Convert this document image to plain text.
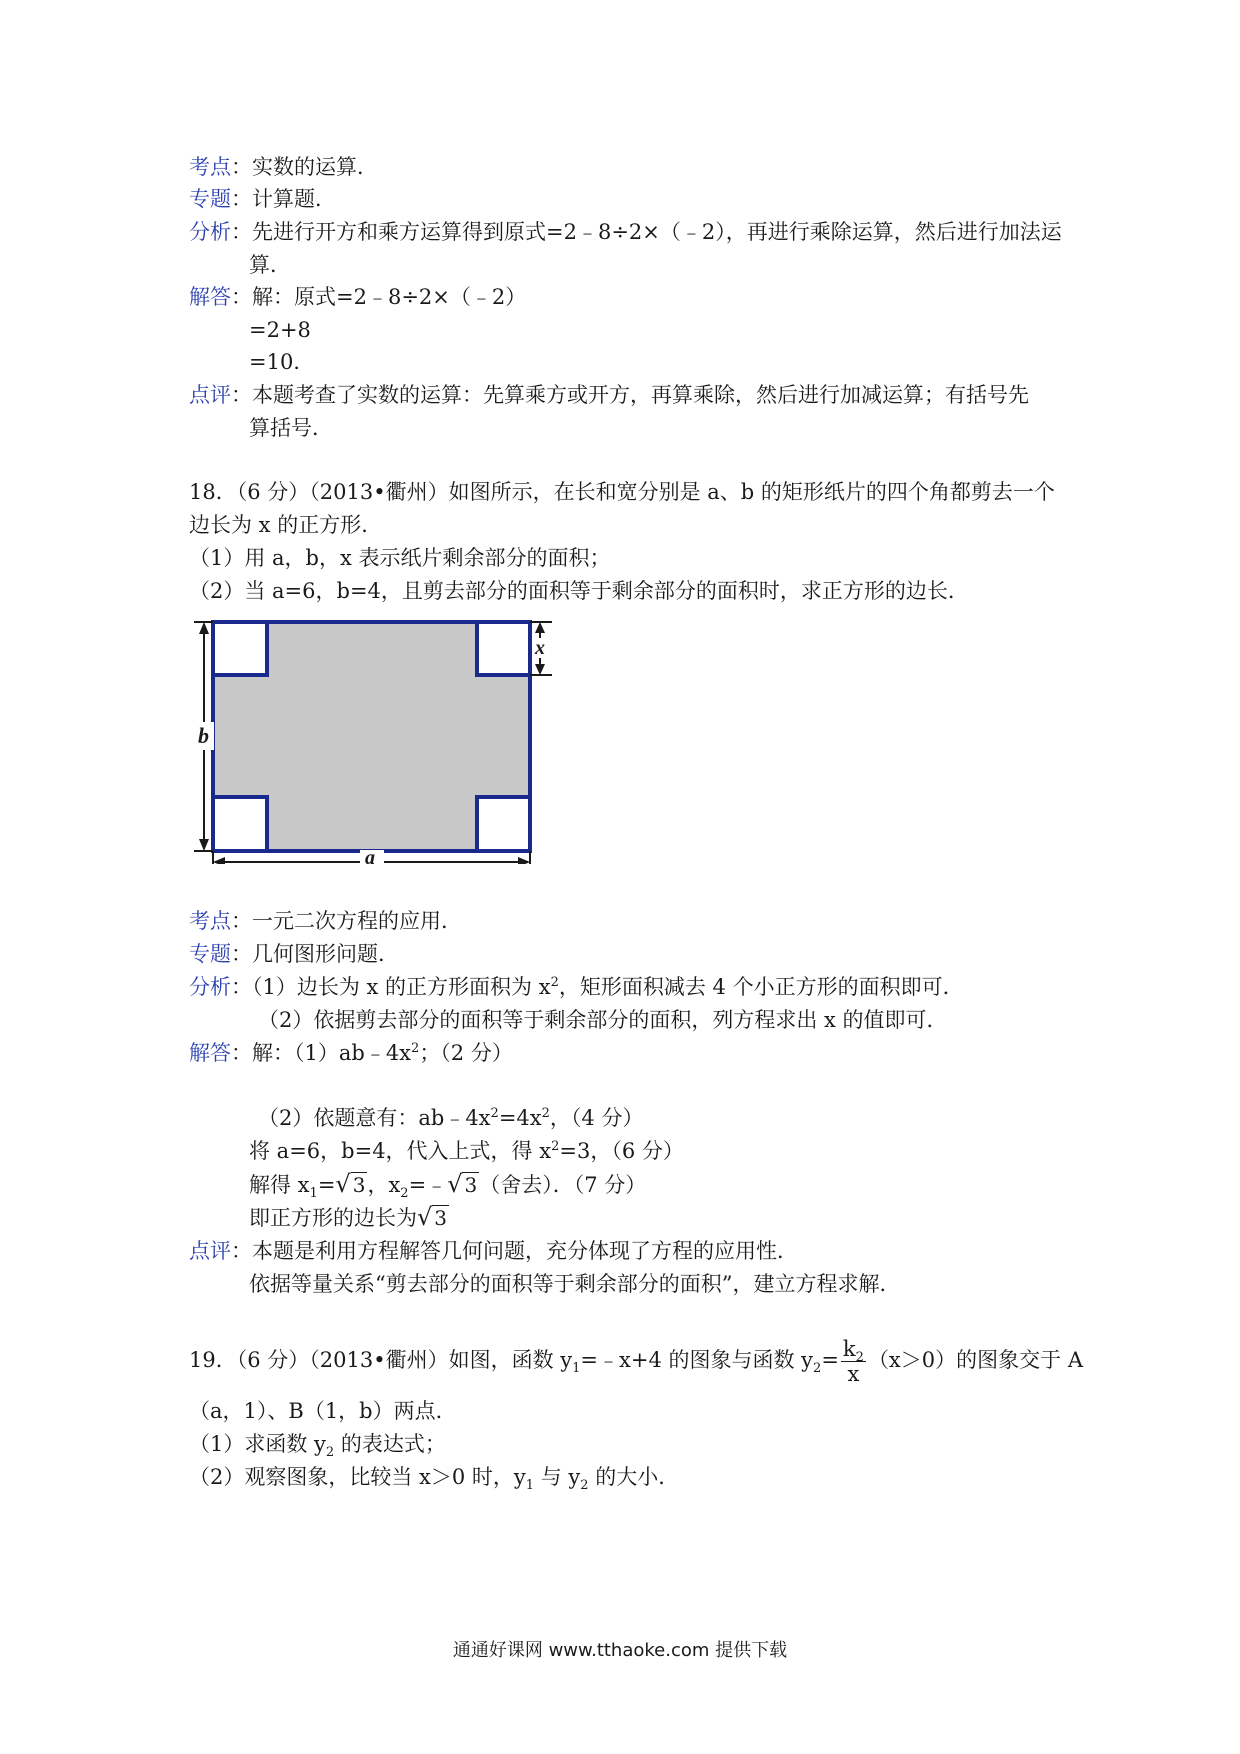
考点：实数的运算．
专题：计算题．
分析：先进行开方和乘方运算得到原式=2﹣8÷2×（﹣2），再进行乘除运算，然后进行加法运
算．
解答：解：原式=2﹣8÷2×（﹣2）
=2+8
=10．
点评：本题考查了实数的运算：先算乘方或开方，再算乘除，然后进行加减运算；有括号先
算括号．
18．（6 分）（2013•衢州）如图所示，在长和宽分别是 a、b 的矩形纸片的四个角都剪去一个
边长为 x 的正方形．
（1）用 a，b，x 表示纸片剩余部分的面积；
（2）当 a=6，b=4，且剪去部分的面积等于剩余部分的面积时，求正方形的边长．
b
a
x
考点：一元二次方程的应用．
专题：几何图形问题．
分析：（1）边长为 x 的正方形面积为 $x^2$，矩形面积减去 4 个小正方形的面积即可．
（2）依据剪去部分的面积等于剩余部分的面积，列方程求出 x 的值即可．
解答：解：$(1)ab﹣4x^2$；（2 分）
（2）依题意有：$ab﹣4x^2=4x^2$，（4 分）
将 a=6，b=4，代入上式，得 $x^2=3$，（6 分）
解得 $x_1=√$ 3，$x_2=﹣√$ 3（舍去）．（7 分）
即正方形的边长为√ 3
点评：本题是利用方程解答几何问题，充分体现了方程的应用性．
依据等量关系“剪去部分的面积等于剩余部分的面积”，建立方程求解．
19．（6 分）（2013•衢州）如图，函数 $y_1=﹣x+4$ 的图象与函数 $y_2= \frac{k_2}{x} (x>0)$的图象交于 A
（a，1）、B（1，b）两点．
（1）求函数 $y_2$ 的表达式；
（2）观察图象，比较当 x＞0 时，$y_1$ 与 $y_2$ 的大小．
通通好课网 www.tthaoke.com 提供下载
